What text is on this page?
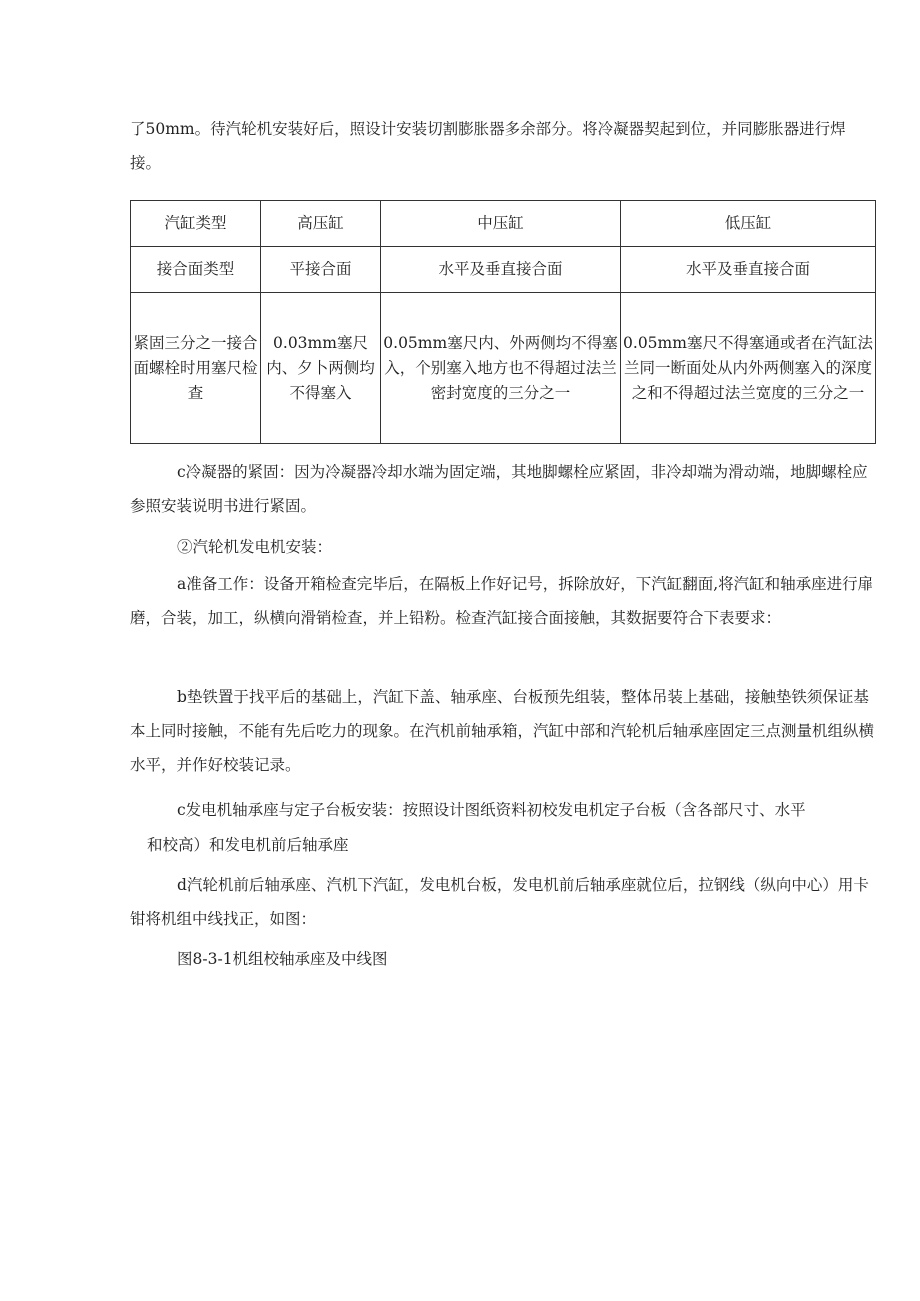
了50mm。待汽轮机安装好后，照设计安装切割膨胀器多余部分。将冷凝器契起到位，并同膨胀器进行焊接。

汽缸类型	高压缸	中压缸	低压缸
接合面类型	平接合面	水平及垂直接合面	水平及垂直接合面
紧固三分之一接合面螺栓时用塞尺检查	0.03mm塞尺内、夕卜两侧均不得塞入	0.05mm塞尺内、外两侧均不得塞入，个别塞入地方也不得超过法兰密封宽度的三分之一	0.05mm塞尺不得塞通或者在汽缸法兰同一断面处从内外两侧塞入的深度之和不得超过法兰宽度的三分之一

c冷凝器的紧固：因为冷凝器冷却水端为固定端，其地脚螺栓应紧固，非冷却端为滑动端，地脚螺栓应参照安装说明书进行紧固。

②汽轮机发电机安装：

a准备工作：设备开箱检查完毕后，在隔板上作好记号，拆除放好，下汽缸翻面,将汽缸和轴承座进行扉磨，合装，加工，纵横向滑销检查，并上铅粉。检查汽缸接合面接触，其数据要符合下表要求：

b垫铁置于找平后的基础上，汽缸下盖、轴承座、台板预先组装，整体吊装上基础，接触垫铁须保证基本上同时接触，不能有先后吃力的现象。在汽机前轴承箱，汽缸中部和汽轮机后轴承座固定三点测量机组纵横水平，并作好校装记录。

c发电机轴承座与定子台板安装：按照设计图纸资料初校发电机定子台板（含各部尺寸、水平

和校高）和发电机前后轴承座

d汽轮机前后轴承座、汽机下汽缸，发电机台板，发电机前后轴承座就位后，拉钢线（纵向中心）用卡钳将机组中线找正，如图：

图8-3-1机组校轴承座及中线图
